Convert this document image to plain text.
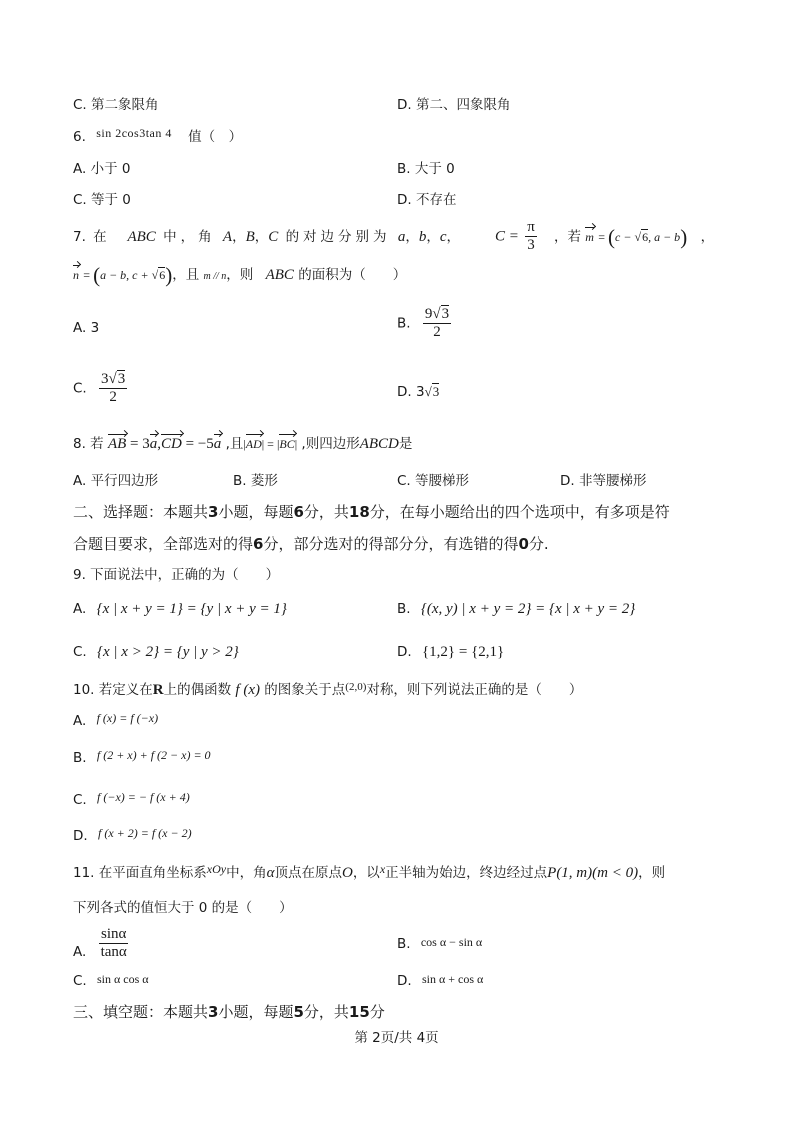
C. 第二象限角	D. 第二、四象限角
6. sin 2cos3tan 4 值（　）
A. 小于 0	B. 大于 0
C. 等于 0	D. 不存在
7. 在　 ABC 中，角 A，B，C 的对边分别为 a，b，c， $C = \frac{\pi}{3}$ ，若 m = (c − √6, a − b)　，
n = (a − b, c + √6)，且 m // n，则 ABC 的面积为（　　）
A. 3	B. $\frac{9√3}{2}$
C. $\frac{3√3}{2}$	D. 3√3
8. 若 AB = 3a,CD = −5a ,且|AD| = |BC| ,则四边形ABCD是
A. 平行四边形	B. 菱形	C. 等腰梯形	D. 非等腰梯形
二、选择题：本题共3小题，每题6分，共18分，在每小题给出的四个选项中，有多项是符
合题目要求，全部选对的得6分，部分选对的得部分分，有选错的得0分.
9. 下面说法中，正确的为（　　）
A. {x | x + y = 1} = {y | x + y = 1}	B. {(x, y) | x + y = 2} = {x | x + y = 2}
C. {x | x > 2} = {y | y > 2}	D. {1,2} = {2,1}
10. 若定义在R上的偶函数 f (x) 的图象关于点$^{(2,0)}$对称，则下列说法正确的是（　　）
A. f (x) = f (−x)
B. f (2 + x) + f (2 − x) = 0
C. f (−x) = − f (x + 4)
D. f (x + 2) = f (x − 2)
11. 在平面直角坐标系xOy中，角α顶点在原点O，以x正半轴为始边，终边经过点P(1, m)(m < 0)，则
下列各式的值恒大于 0 的是（　　）
A. $\frac{\sin\alpha}{\tan\alpha}$	B. cos α − sin α
C. sin α cos α	D. sin α + cos α
三、填空题：本题共3小题，每题5分，共15分
第 2页/共 4页
